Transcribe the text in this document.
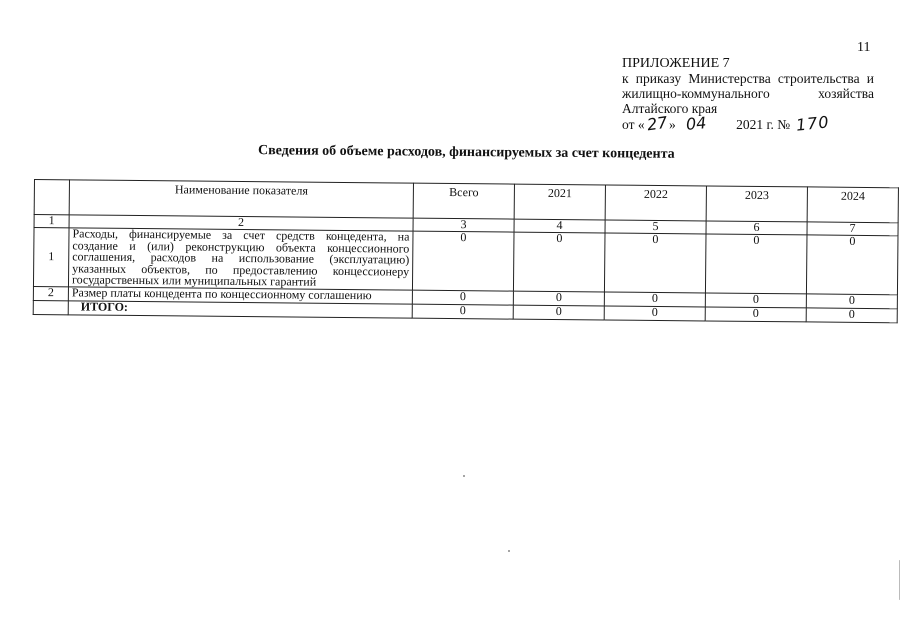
11
ПРИЛОЖЕНИЕ 7
к приказу Министерства строительства и
жилищно-коммунального хозяйства
Алтайского края
от «27» 04 2021 г. № 170
Сведения об объеме расходов, финансируемых за счет концедента
	Наименование показателя	Всего	2021	2022	2023	2024
1	2	3	4	5	6	7
1	Расходы, финансируемые за счет средств концедента, на создание и (или) реконструкцию объекта концессионного соглашения, расходов на использование (эксплуатацию) указанных объектов, по предоставлению концессионеру государственных или муниципальных гарантий	0	0	0	0	0
2	Размер платы концедента по концессионному соглашению	0	0	0	0	0
	ИТОГО:	0	0	0	0	0
